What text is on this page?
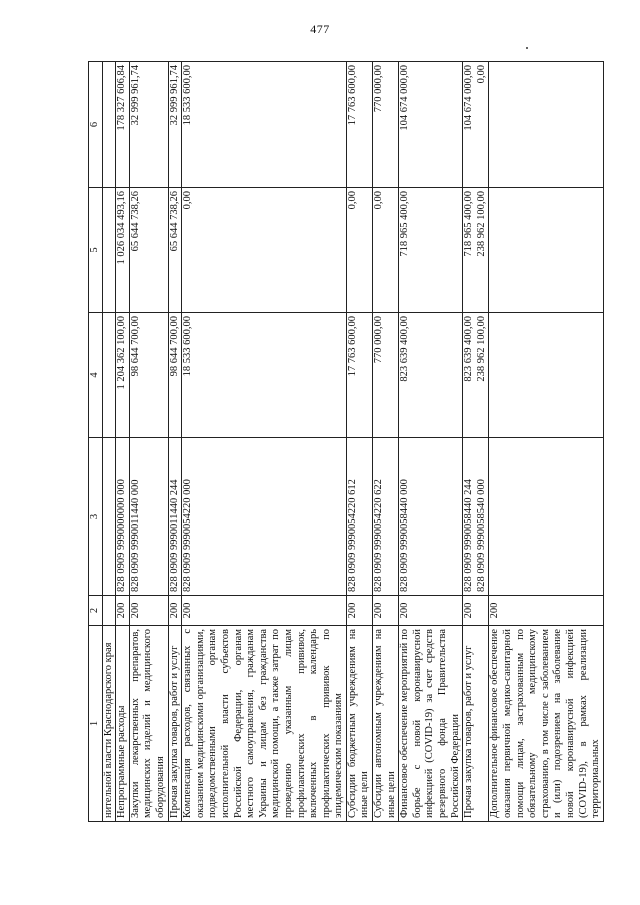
477
1	2	3	4	5	6
нительной власти Краснодарского края					
Непрограммные расходы	200	828 0909 9990000000 000	1 204 362 100,00	1 026 034 493,16	178 327 606,84

Закупки лекарственных препаратов, медицинских изделий и медицинского оборудования	200	828 0909 9990011440 000	98 644 700,00	65 644 738,26	32 999 961,74

Прочая закупка товаров, работ и услуг	200	828 0909 9990011440 244	98 644 700,00	65 644 738,26	32 999 961,74

Компенсация расходов, связанных с оказанием медицинскими организациями, подведомственными органам исполнительной власти субъектов Российской Федерации, органам местного самоуправления, гражданам Украины и лицам без гражданства медицинской помощи, а также затрат по проведению указанным лицам профилактических прививок, включенных в календарь профилактических прививок по эпидемическим показаниям	200	828 0909 9990054220 000	18 533 600,00	0,00	18 533 600,00

Субсидии бюджетным учреждениям на иные цели	200	828 0909 9990054220 612	17 763 600,00	0,00	17 763 600,00

Субсидии автономным учреждениям на иные цели	200	828 0909 9990054220 622	770 000,00	0,00	770 000,00

Финансовое обеспечение мероприятий по борьбе с новой коронавирусной инфекцией (COVID-19) за счет средств резервного фонда Правительства Российской Федерации	200	828 0909 9990058440 000	823 639 400,00	718 965 400,00	104 674 000,00

Прочая закупка товаров, работ и услуг	200	828 0909 9990058440 244 828 0909 9990058540 000	823 639 400,00 238 962 100,00	718 965 400,00 238 962 100,00	104 674 000,00 0,00

Дополнительное финансовое обеспечение оказания первичной медико-санитарной помощи лицам, застрахованным по обязательному медицинскому страхованию, в том числе с заболеванием и (или) подозрением на заболевание новой коронавирусной инфекцией (COVID-19), в рамках реализации территориальных	200				
